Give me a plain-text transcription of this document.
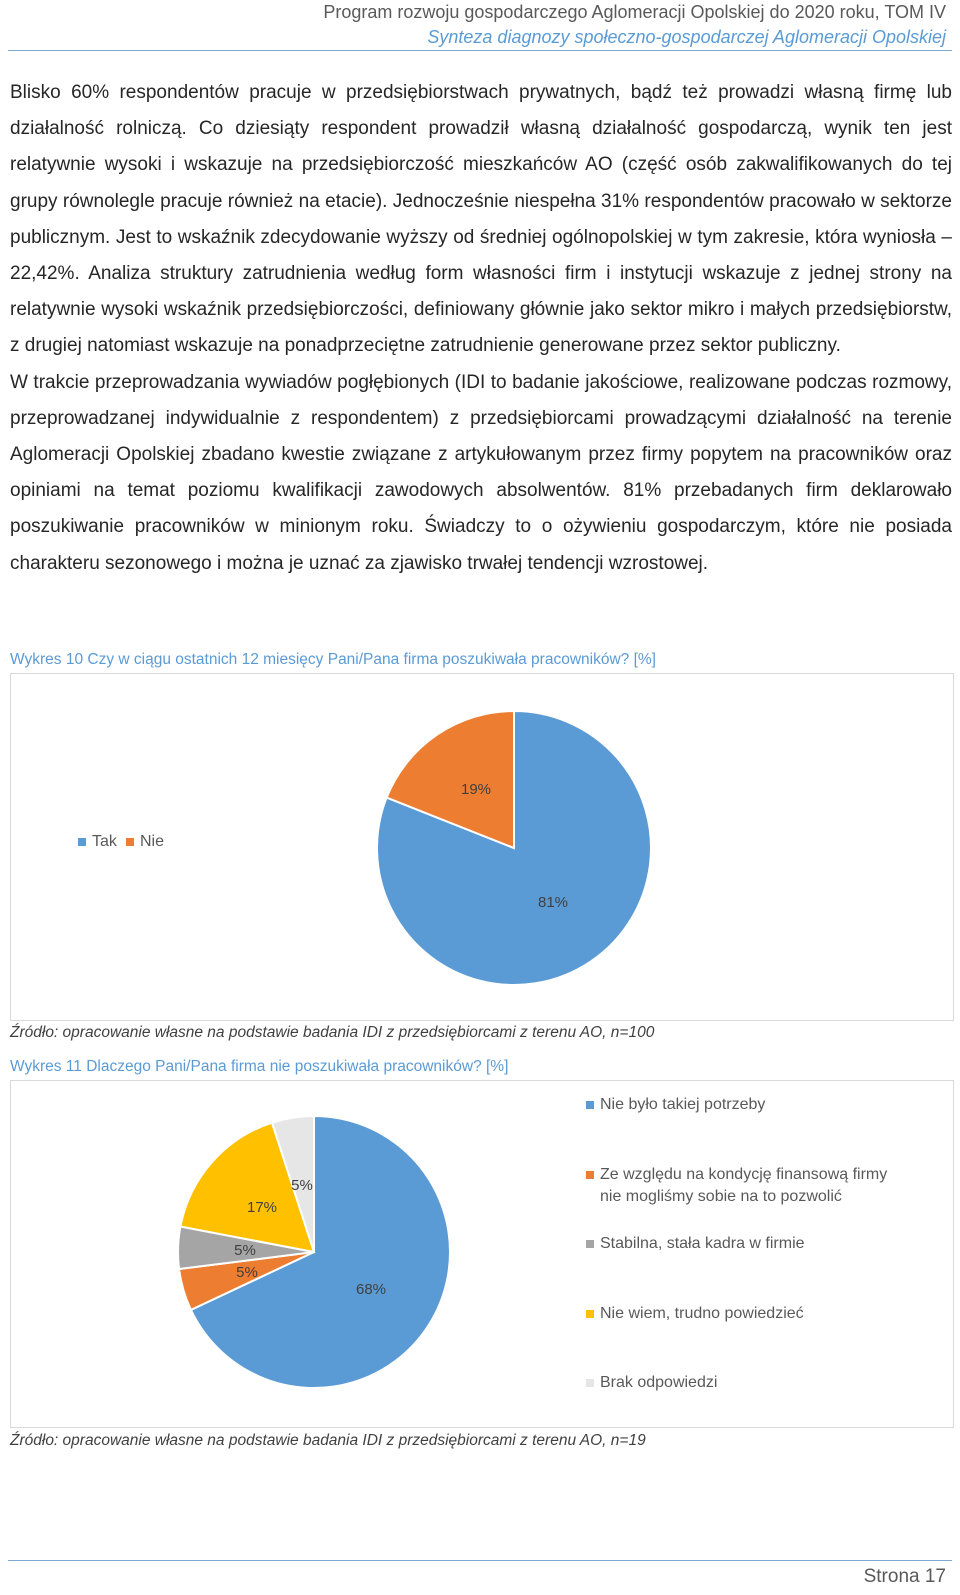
Program rozwoju gospodarczego Aglomeracji Opolskiej do 2020 roku, TOM IV
Synteza diagnozy społeczno-gospodarczej Aglomeracji Opolskiej

Blisko 60% respondentów pracuje w przedsiębiorstwach prywatnych, bądź też prowadzi własną firmę lub działalność rolniczą. Co dziesiąty respondent prowadził własną działalność gospodarczą, wynik ten jest relatywnie wysoki i wskazuje na przedsiębiorczość mieszkańców AO (część osób zakwalifikowanych do tej grupy równolegle pracuje również na etacie). Jednocześnie niespełna 31% respondentów pracowało w sektorze publicznym. Jest to wskaźnik zdecydowanie wyższy od średniej ogólnopolskiej w tym zakresie, która wyniosła – 22,42%. Analiza struktury zatrudnienia według form własności firm i instytucji wskazuje z jednej strony na relatywnie wysoki wskaźnik przedsiębiorczości, definiowany głównie jako sektor mikro i małych przedsiębiorstw, z drugiej natomiast wskazuje na ponadprzeciętne zatrudnienie generowane przez sektor publiczny.

W trakcie przeprowadzania wywiadów pogłębionych (IDI to badanie jakościowe, realizowane podczas rozmowy, przeprowadzanej indywidualnie z respondentem) z przedsiębiorcami prowadzącymi działalność na terenie Aglomeracji Opolskiej zbadano kwestie związane z artykułowanym przez firmy popytem na pracowników oraz opiniami na temat poziomu kwalifikacji zawodowych absolwentów. 81% przebadanych firm deklarowało poszukiwanie pracowników w minionym roku. Świadczy to o ożywieniu gospodarczym, które nie posiada charakteru sezonowego i można je uznać za zjawisko trwałej tendencji wzrostowej.

Wykres 10 Czy w ciągu ostatnich 12 miesięcy Pani/Pana firma poszukiwała pracowników? [%]
81%
19%
Tak Nie
Źródło: opracowanie własne na podstawie badania IDI z przedsiębiorcami z terenu AO, n=100
Wykres 11 Dlaczego Pani/Pana firma nie poszukiwała pracowników? [%]
68%
5%
5%
17%
5%
Nie było takiej potrzeby
Ze względu na kondycję finansową firmy
nie mogliśmy sobie na to pozwolić
Stabilna, stała kadra w firmie
Nie wiem, trudno powiedzieć
Brak odpowiedzi
Źródło: opracowanie własne na podstawie badania IDI z przedsiębiorcami z terenu AO, n=19
Strona 17
